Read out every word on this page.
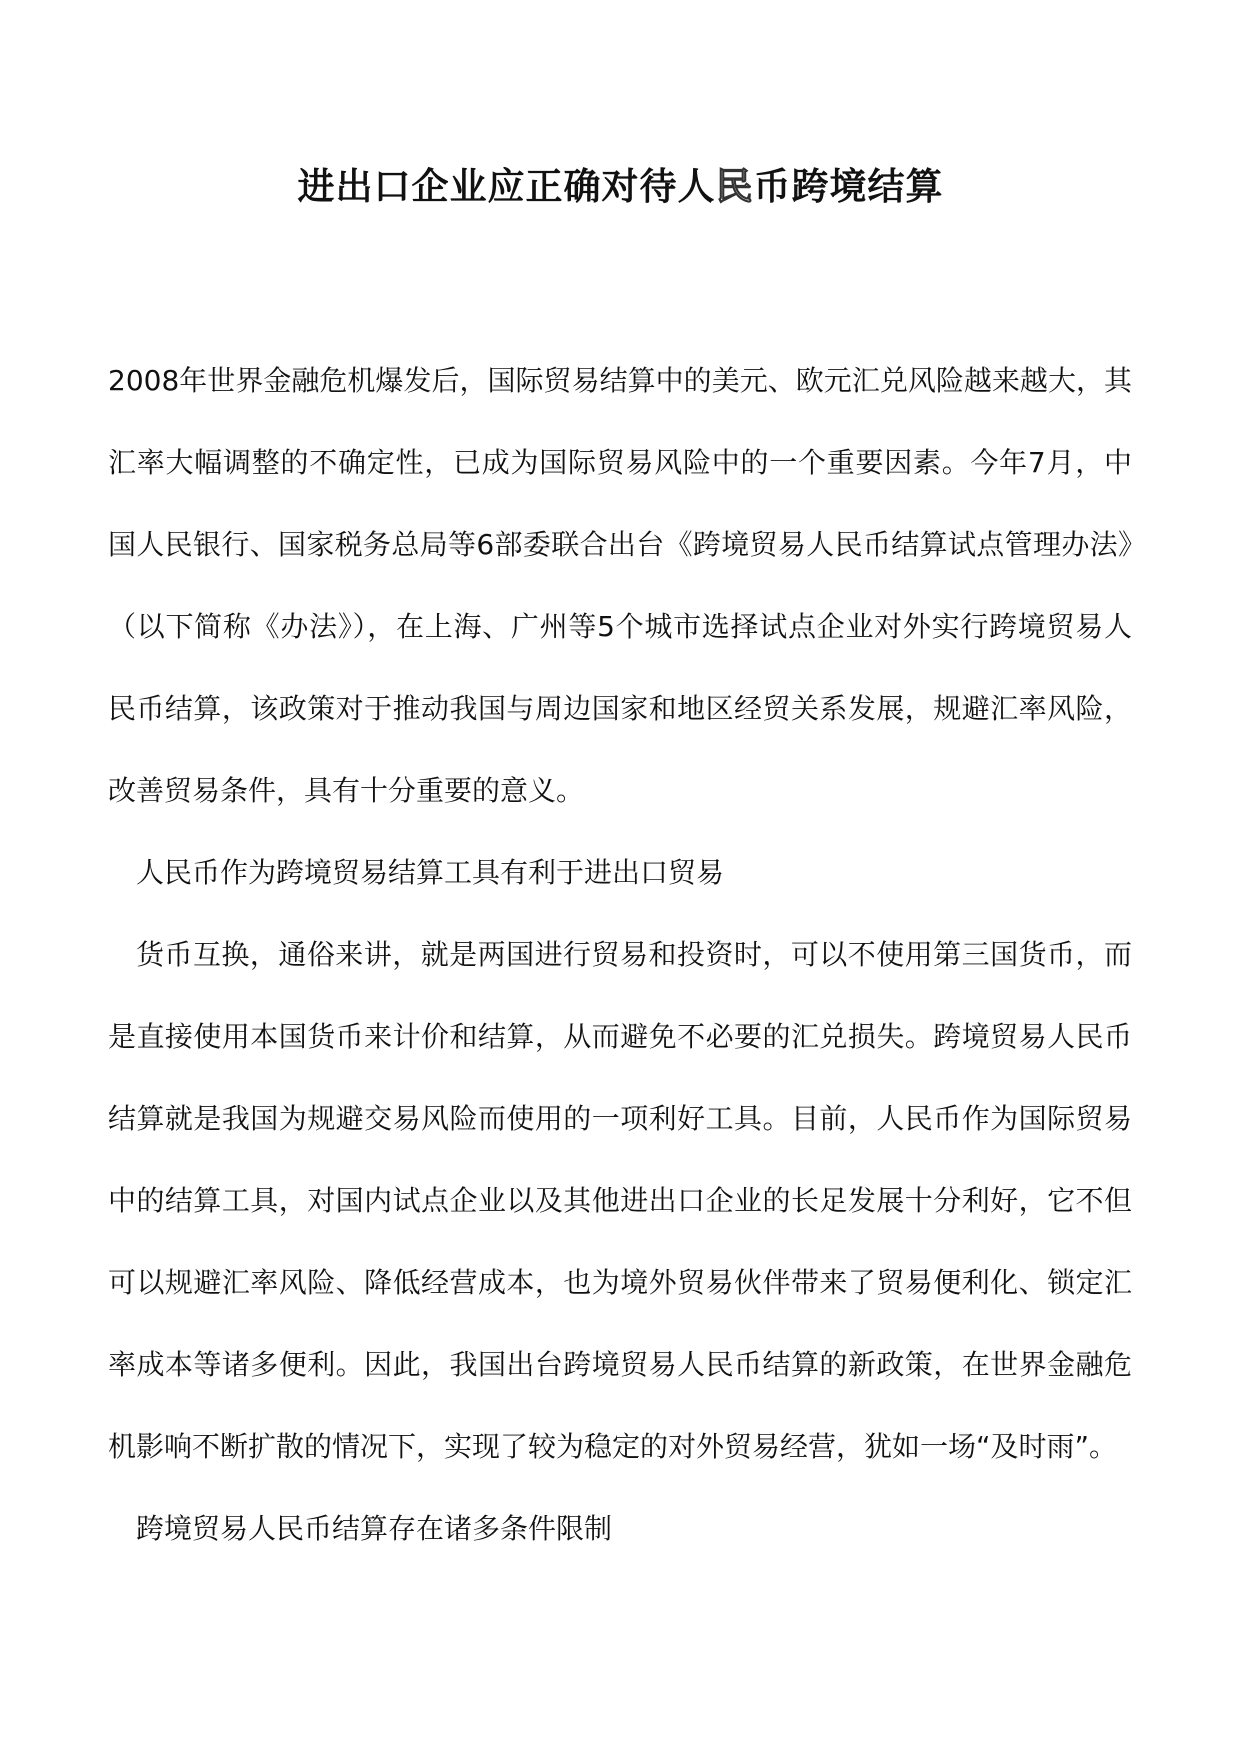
进出口企业应正确对待人民币跨境结算

2008年世界金融危机爆发后，国际贸易结算中的美元、欧元汇兑风险越来越大，其汇率大幅调整的不确定性，已成为国际贸易风险中的一个重要因素。今年7月，中国人民银行、国家税务总局等6部委联合出台《跨境贸易人民币结算试点管理办法》（以下简称《办法》），在上海、广州等5个城市选择试点企业对外实行跨境贸易人民币结算，该政策对于推动我国与周边国家和地区经贸关系发展，规避汇率风险，改善贸易条件，具有十分重要的意义。

人民币作为跨境贸易结算工具有利于进出口贸易

货币互换，通俗来讲，就是两国进行贸易和投资时，可以不使用第三国货币，而是直接使用本国货币来计价和结算，从而避免不必要的汇兑损失。跨境贸易人民币结算就是我国为规避交易风险而使用的一项利好工具。目前，人民币作为国际贸易中的结算工具，对国内试点企业以及其他进出口企业的长足发展十分利好，它不但可以规避汇率风险、降低经营成本，也为境外贸易伙伴带来了贸易便利化、锁定汇率成本等诸多便利。因此，我国出台跨境贸易人民币结算的新政策，在世界金融危机影响不断扩散的情况下，实现了较为稳定的对外贸易经营，犹如一场“及时雨”。

跨境贸易人民币结算存在诸多条件限制
